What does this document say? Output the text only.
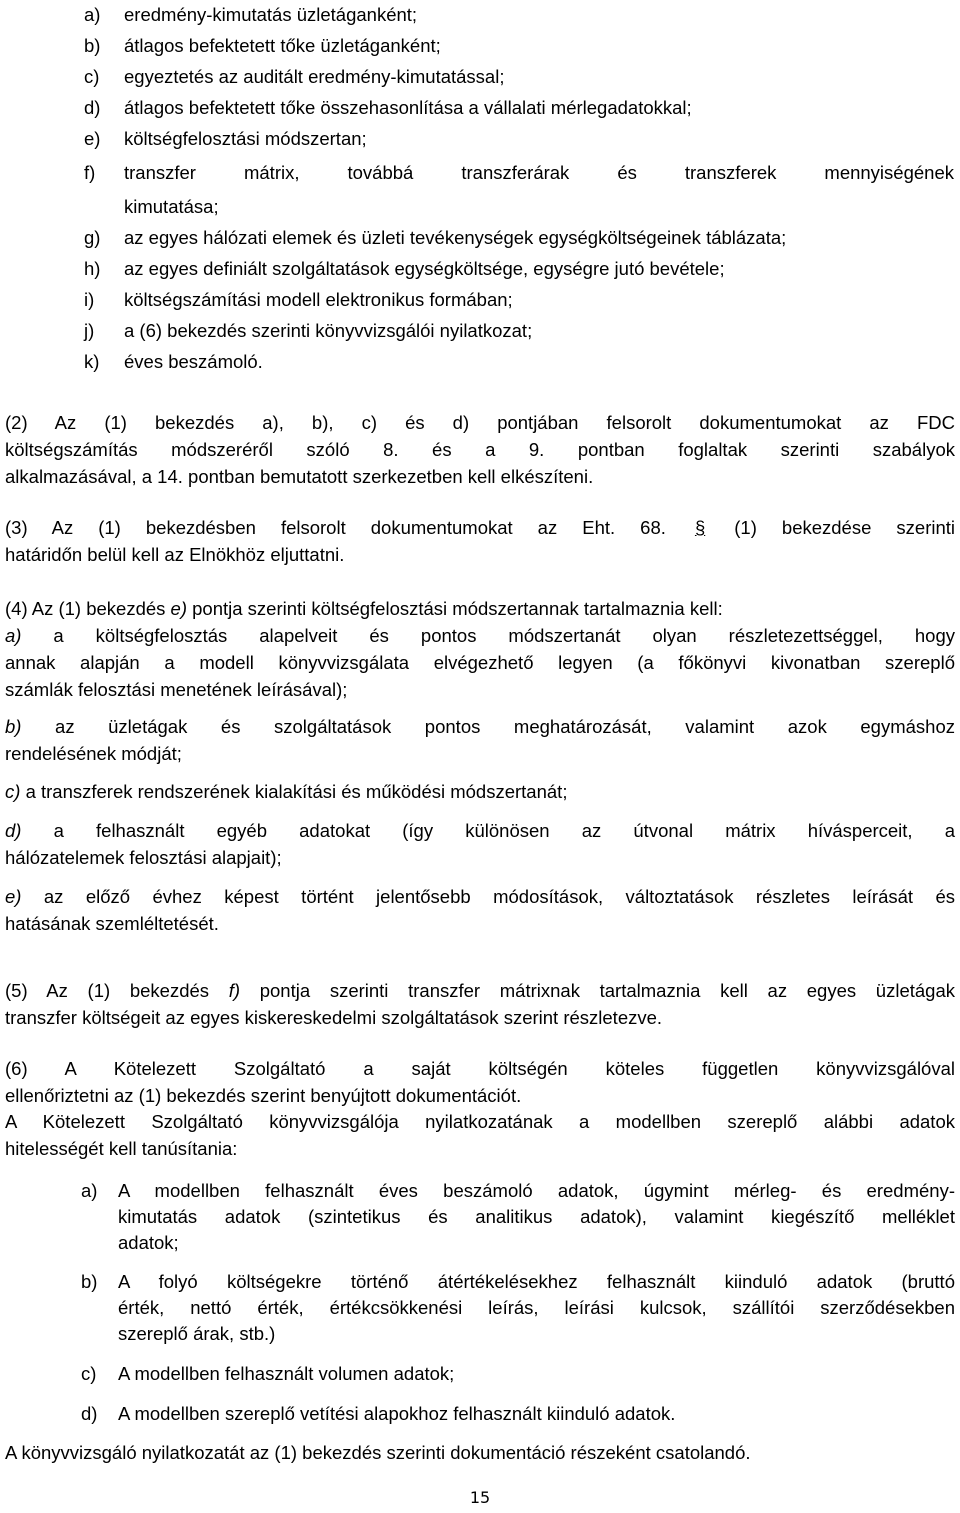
a) eredmény-kimutatás üzletáganként;
b) átlagos befektetett tőke üzletáganként;
c) egyeztetés az auditált eredmény-kimutatással;
d) átlagos befektetett tőke összehasonlítása a vállalati mérlegadatokkal;
e) költségfelosztási módszertan;
f) transzfer mátrix, továbbá transzferárak és transzferek mennyiségének
kimutatása;
g) az egyes hálózati elemek és üzleti tevékenységek egységköltségeinek táblázata;
h) az egyes definiált szolgáltatások egységköltsége, egységre jutó bevétele;
i) költségszámítási modell elektronikus formában;
j) a (6) bekezdés szerinti könyvvizsgálói nyilatkozat;
k) éves beszámoló.
(2) Az (1) bekezdés a), b), c) és d) pontjában felsorolt dokumentumokat az FDC
költségszámítás módszeréről szóló 8. és a 9. pontban foglaltak szerinti szabályok
alkalmazásával, a 14. pontban bemutatott szerkezetben kell elkészíteni.
(3) Az (1) bekezdésben felsorolt dokumentumokat az Eht. 68. § (1) bekezdése szerinti
határidőn belül kell az Elnökhöz eljuttatni.
(4) Az (1) bekezdés e) pontja szerinti költségfelosztási módszertannak tartalmaznia kell:
a) a költségfelosztás alapelveit és pontos módszertanát olyan részletezettséggel, hogy
annak alapján a modell könyvvizsgálata elvégezhető legyen (a főkönyvi kivonatban szereplő
számlák felosztási menetének leírásával);
b) az üzletágak és szolgáltatások pontos meghatározását, valamint azok egymáshoz
rendelésének módját;
c) a transzferek rendszerének kialakítási és működési módszertanát;
d) a felhasznált egyéb adatokat (így különösen az útvonal mátrix hívásperceit, a
hálózatelemek felosztási alapjait);
e) az előző évhez képest történt jelentősebb módosítások, változtatások részletes leírását és
hatásának szemléltetését.
(5) Az (1) bekezdés f) pontja szerinti transzfer mátrixnak tartalmaznia kell az egyes üzletágak
transzfer költségeit az egyes kiskereskedelmi szolgáltatások szerint részletezve.
(6) A Kötelezett Szolgáltató a saját költségén köteles független könyvvizsgálóval
ellenőriztetni az (1) bekezdés szerint benyújtott dokumentációt.
A Kötelezett Szolgáltató könyvvizsgálója nyilatkozatának a modellben szereplő alábbi adatok
hitelességét kell tanúsítania:
a) A modellben felhasznált éves beszámoló adatok, úgymint mérleg- és eredmény-
kimutatás adatok (szintetikus és analitikus adatok), valamint kiegészítő melléklet
adatok;
b) A folyó költségekre történő átértékelésekhez felhasznált kiinduló adatok (bruttó
érték, nettó érték, értékcsökkenési leírás, leírási kulcsok, szállítói szerződésekben
szereplő árak, stb.)
c) A modellben felhasznált volumen adatok;
d) A modellben szereplő vetítési alapokhoz felhasznált kiinduló adatok.
A könyvvizsgáló nyilatkozatát az (1) bekezdés szerinti dokumentáció részeként csatolandó.
15
